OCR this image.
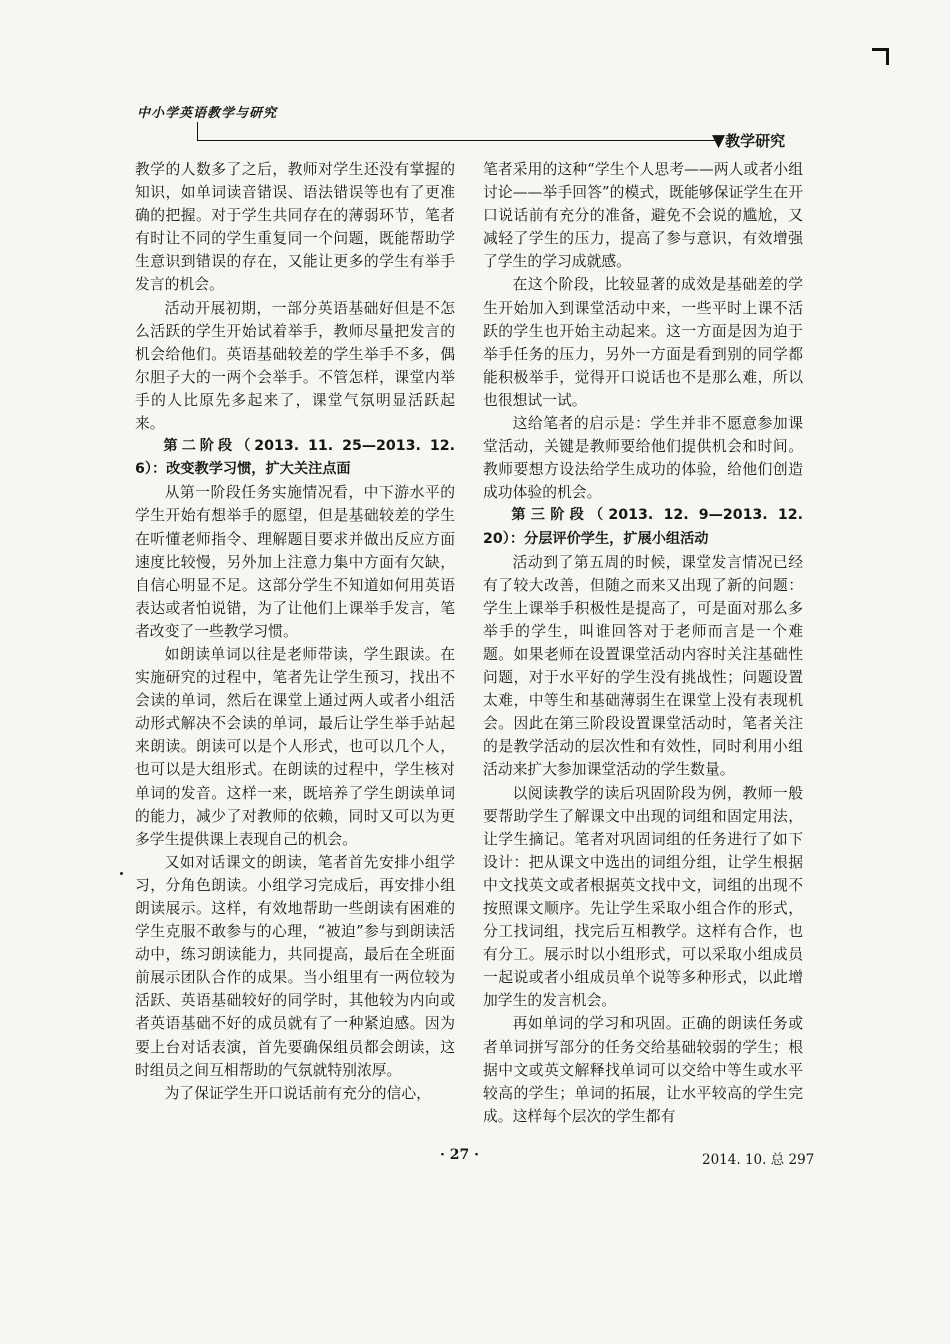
中小学英语教学与研究
▼教学研究

教学的人数多了之后，教师对学生还没有掌握的知识，如单词读音错误、语法错误等也有了更准确的把握。对于学生共同存在的薄弱环节，笔者有时让不同的学生重复同一个问题，既能帮助学生意识到错误的存在，又能让更多的学生有举手发言的机会。

活动开展初期，一部分英语基础好但是不怎么活跃的学生开始试着举手，教师尽量把发言的机会给他们。英语基础较差的学生举手不多，偶尔胆子大的一两个会举手。不管怎样，课堂内举手的人比原先多起来了，课堂气氛明显活跃起来。

第二阶段（2013. 11. 25—2013. 12. 6）：改变教学习惯，扩大关注点面

从第一阶段任务实施情况看，中下游水平的学生开始有想举手的愿望，但是基础较差的学生在听懂老师指令、理解题目要求并做出反应方面速度比较慢，另外加上注意力集中方面有欠缺，自信心明显不足。这部分学生不知道如何用英语表达或者怕说错，为了让他们上课举手发言，笔者改变了一些教学习惯。

如朗读单词以往是老师带读，学生跟读。在实施研究的过程中，笔者先让学生预习，找出不会读的单词，然后在课堂上通过两人或者小组活动形式解决不会读的单词，最后让学生举手站起来朗读。朗读可以是个人形式，也可以几个人，也可以是大组形式。在朗读的过程中，学生核对单词的发音。这样一来，既培养了学生朗读单词的能力，减少了对教师的依赖，同时又可以为更多学生提供课上表现自己的机会。

又如对话课文的朗读，笔者首先安排小组学习，分角色朗读。小组学习完成后，再安排小组朗读展示。这样，有效地帮助一些朗读有困难的学生克服不敢参与的心理，“被迫”参与到朗读活动中，练习朗读能力，共同提高，最后在全班面前展示团队合作的成果。当小组里有一两位较为活跃、英语基础较好的同学时，其他较为内向或者英语基础不好的成员就有了一种紧迫感。因为要上台对话表演，首先要确保组员都会朗读，这时组员之间互相帮助的气氛就特别浓厚。

为了保证学生开口说话前有充分的信心，

笔者采用的这种“学生个人思考——两人或者小组讨论——举手回答”的模式，既能够保证学生在开口说话前有充分的准备，避免不会说的尴尬，又减轻了学生的压力，提高了参与意识，有效增强了学生的学习成就感。

在这个阶段，比较显著的成效是基础差的学生开始加入到课堂活动中来，一些平时上课不活跃的学生也开始主动起来。这一方面是因为迫于举手任务的压力，另外一方面是看到别的同学都能积极举手，觉得开口说话也不是那么难，所以也很想试一试。

这给笔者的启示是：学生并非不愿意参加课堂活动，关键是教师要给他们提供机会和时间。教师要想方设法给学生成功的体验，给他们创造成功体验的机会。

第三阶段（2013. 12. 9—2013. 12. 20）：分层评价学生，扩展小组活动

活动到了第五周的时候，课堂发言情况已经有了较大改善，但随之而来又出现了新的问题：学生上课举手积极性是提高了，可是面对那么多举手的学生，叫谁回答对于老师而言是一个难题。如果老师在设置课堂活动内容时关注基础性问题，对于水平好的学生没有挑战性；问题设置太难，中等生和基础薄弱生在课堂上没有表现机会。因此在第三阶段设置课堂活动时，笔者关注的是教学活动的层次性和有效性，同时利用小组活动来扩大参加课堂活动的学生数量。

以阅读教学的读后巩固阶段为例，教师一般要帮助学生了解课文中出现的词组和固定用法，让学生摘记。笔者对巩固词组的任务进行了如下设计：把从课文中选出的词组分组，让学生根据中文找英文或者根据英文找中文，词组的出现不按照课文顺序。先让学生采取小组合作的形式，分工找词组，找完后互相教学。这样有合作，也有分工。展示时以小组形式，可以采取小组成员一起说或者小组成员单个说等多种形式，以此增加学生的发言机会。

再如单词的学习和巩固。正确的朗读任务或者单词拼写部分的任务交给基础较弱的学生；根据中文或英文解释找单词可以交给中等生或水平较高的学生；单词的拓展，让水平较高的学生完成。这样每个层次的学生都有

· 27 ·	2014. 10. 总 297
